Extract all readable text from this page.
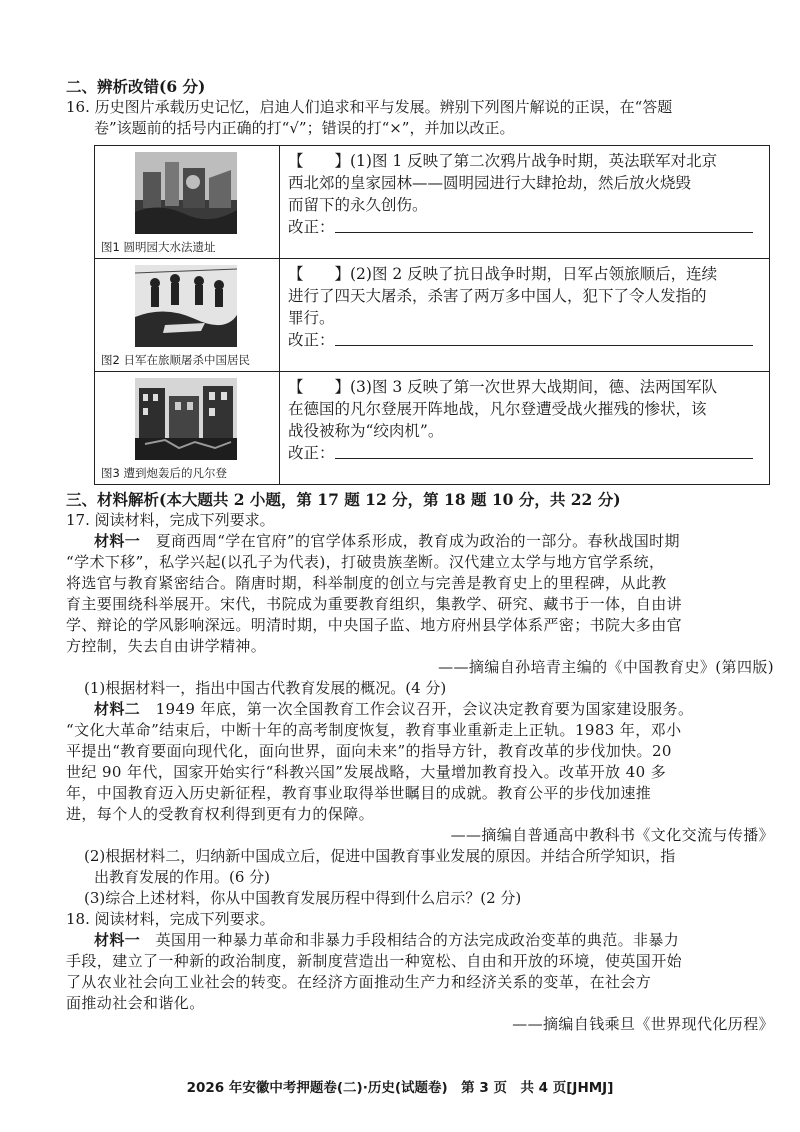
二、辨析改错(6 分)
16. 历史图片承载历史记忆，启迪人们追求和平与发展。辨别下列图片解说的正误，在“答题
卷”该题前的括号内正确的打“√”；错误的打“×”，并加以改正。
图1 圆明园大水法遗址	【　　】(1)图 1 反映了第二次鸦片战争时期，英法联军对北京
西北郊的皇家园林——圆明园进行大肆抢劫，然后放火烧毁
而留下的永久创伤。
改正：

图2 日军在旅顺屠杀中国居民	【　　】(2)图 2 反映了抗日战争时期，日军占领旅顺后，连续
进行了四天大屠杀，杀害了两万多中国人，犯下了令人发指的
罪行。
改正：

图3 遭到炮轰后的凡尔登	【　　】(3)图 3 反映了第一次世界大战期间，德、法两国军队
在德国的凡尔登展开阵地战，凡尔登遭受战火摧残的惨状，该
战役被称为“绞肉机”。
改正：
三、材料解析(本大题共 2 小题，第 17 题 12 分，第 18 题 10 分，共 22 分)
17. 阅读材料，完成下列要求。
材料一　夏商西周“学在官府”的官学体系形成，教育成为政治的一部分。春秋战国时期
“学术下移”，私学兴起(以孔子为代表)，打破贵族垄断。汉代建立太学与地方官学系统，
将选官与教育紧密结合。隋唐时期，科举制度的创立与完善是教育史上的里程碑，从此教
育主要围绕科举展开。宋代，书院成为重要教育组织，集教学、研究、藏书于一体，自由讲
学、辩论的学风影响深远。明清时期，中央国子监、地方府州县学体系严密；书院大多由官
方控制，失去自由讲学精神。
——摘编自孙培青主编的《中国教育史》(第四版)
(1)根据材料一，指出中国古代教育发展的概况。(4 分)
材料二　1949 年底，第一次全国教育工作会议召开，会议决定教育要为国家建设服务。
“文化大革命”结束后，中断十年的高考制度恢复，教育事业重新走上正轨。1983 年，邓小
平提出“教育要面向现代化，面向世界，面向未来”的指导方针，教育改革的步伐加快。20
世纪 90 年代，国家开始实行“科教兴国”发展战略，大量增加教育投入。改革开放 40 多
年，中国教育迈入历史新征程，教育事业取得举世瞩目的成就。教育公平的步伐加速推
进，每个人的受教育权利得到更有力的保障。
——摘编自普通高中教科书《文化交流与传播》
(2)根据材料二，归纳新中国成立后，促进中国教育事业发展的原因。并结合所学知识，指
出教育发展的作用。(6 分)
(3)综合上述材料，你从中国教育发展历程中得到什么启示？(2 分)
18. 阅读材料，完成下列要求。
材料一　英国用一种暴力革命和非暴力手段相结合的方法完成政治变革的典范。非暴力
手段，建立了一种新的政治制度，新制度营造出一种宽松、自由和开放的环境，使英国开始
了从农业社会向工业社会的转变。在经济方面推动生产力和经济关系的变革，在社会方
面推动社会和谐化。
——摘编自钱乘旦《世界现代化历程》
2026 年安徽中考押题卷(二)·历史(试题卷)　第 3 页　共 4 页[JHMJ]
